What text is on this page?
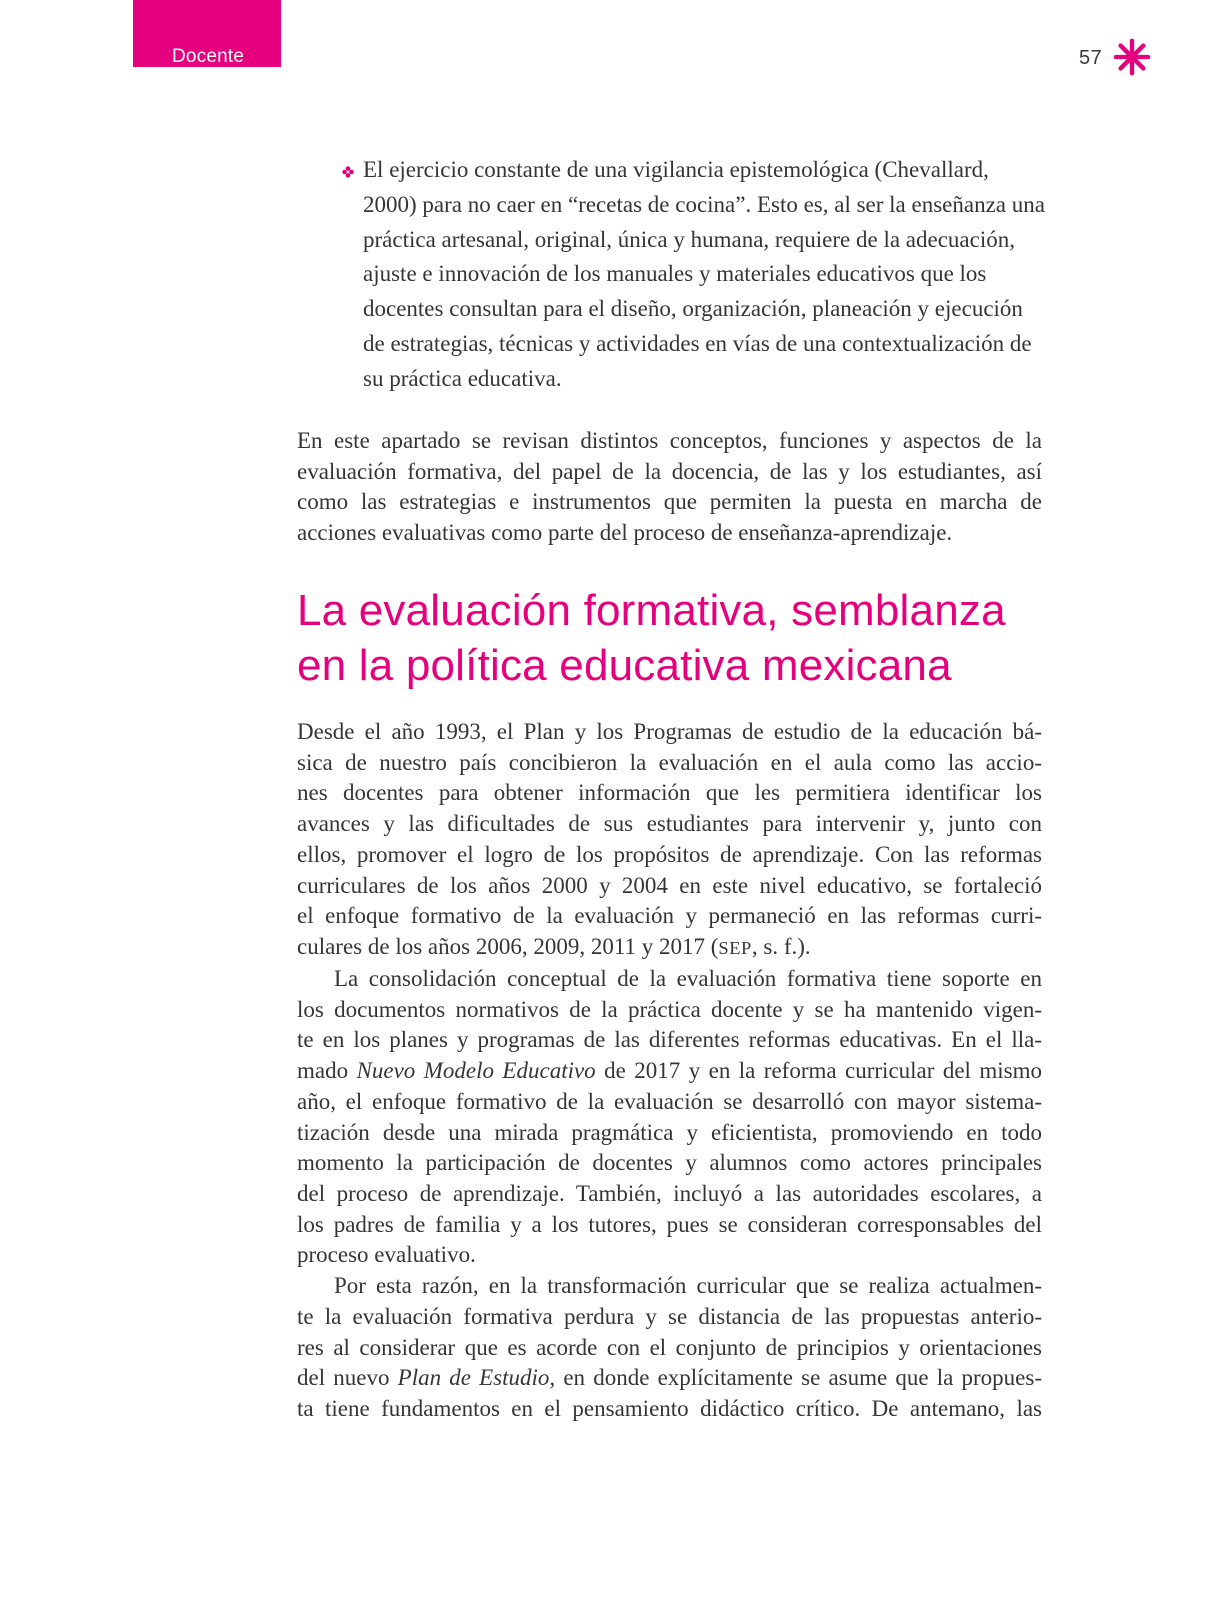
Docente	57
El ejercicio constante de una vigilancia epistemológica (Chevallard,
2000) para no caer en “recetas de cocina”. Esto es, al ser la enseñanza una
práctica artesanal, original, única y humana, requiere de la adecuación,
ajuste e innovación de los manuales y materiales educativos que los
docentes consultan para el diseño, organización, planeación y ejecución
de estrategias, técnicas y actividades en vías de una contextualización de
su práctica educativa.
En este apartado se revisan distintos conceptos, funciones y aspectos de la
evaluación formativa, del papel de la docencia, de las y los estudiantes, así
como las estrategias e instrumentos que permiten la puesta en marcha de
acciones evaluativas como parte del proceso de enseñanza-aprendizaje.
La evaluación formativa, semblanza
en la política educativa mexicana
Desde el año 1993, el Plan y los Programas de estudio de la educación bá-
sica de nuestro país concibieron la evaluación en el aula como las accio-
nes docentes para obtener información que les permitiera identificar los
avances y las dificultades de sus estudiantes para intervenir y, junto con
ellos, promover el logro de los propósitos de aprendizaje. Con las reformas
curriculares de los años 2000 y 2004 en este nivel educativo, se fortaleció
el enfoque formativo de la evaluación y permaneció en las reformas curri-
culares de los años 2006, 2009, 2011 y 2017 (SEP, s. f.).
La consolidación conceptual de la evaluación formativa tiene soporte en
los documentos normativos de la práctica docente y se ha mantenido vigen-
te en los planes y programas de las diferentes reformas educativas. En el lla-
mado Nuevo Modelo Educativo de 2017 y en la reforma curricular del mismo
año, el enfoque formativo de la evaluación se desarrolló con mayor sistema-
tización desde una mirada pragmática y eficientista, promoviendo en todo
momento la participación de docentes y alumnos como actores principales
del proceso de aprendizaje. También, incluyó a las autoridades escolares, a
los padres de familia y a los tutores, pues se consideran corresponsables del
proceso evaluativo.
Por esta razón, en la transformación curricular que se realiza actualmen-
te la evaluación formativa perdura y se distancia de las propuestas anterio-
res al considerar que es acorde con el conjunto de principios y orientaciones
del nuevo Plan de Estudio, en donde explícitamente se asume que la propues-
ta tiene fundamentos en el pensamiento didáctico crítico. De antemano, las
